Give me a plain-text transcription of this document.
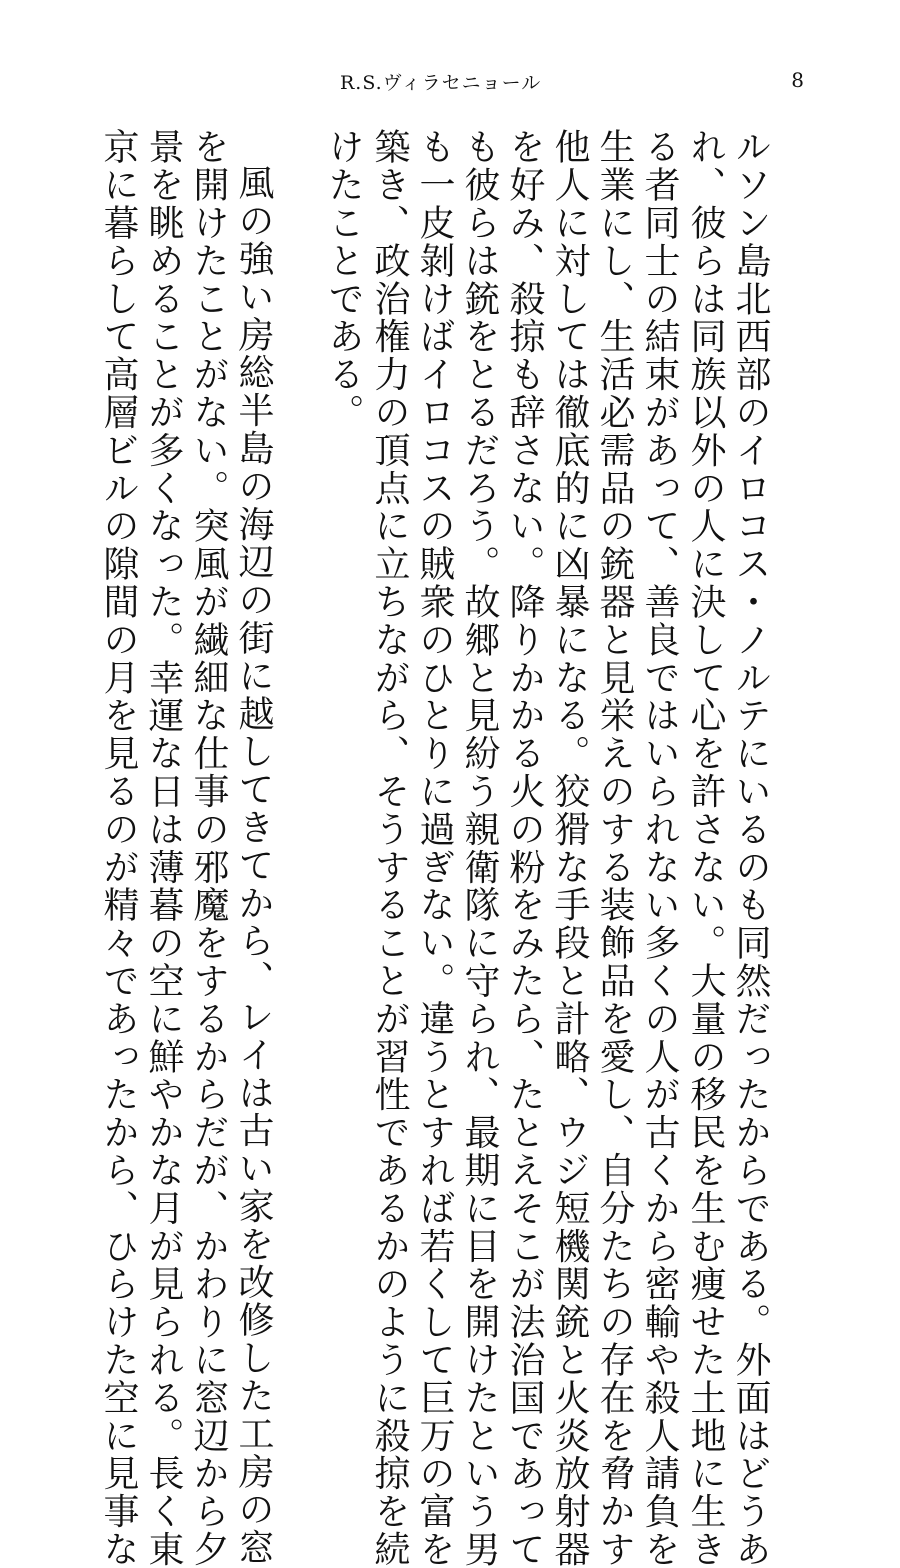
R.S.ヴィラセニョール	8
ルソン島北西部のイロコス・ノルテにいるのも同然だったからである。外面はどうあ
れ、彼らは同族以外の人に決して心を許さない。大量の移民を生む痩せた土地に生き
る者同士の結束があって、善良ではいられない多くの人が古くから密輸や殺人請負を
生業にし、生活必需品の銃器と見栄えのする装飾品を愛し、自分たちの存在を脅かす
他人に対しては徹底的に凶暴になる。狡猾な手段と計略、ウジ短機関銃と火炎放射器
を好み、殺掠も辞さない。降りかかる火の粉をみたら、たとえそこが法治国であって
も彼らは銃をとるだろう。故郷と見紛う親衛隊に守られ、最期に目を開けたという男
も一皮剝けばイロコスの賊衆のひとりに過ぎない。違うとすれば若くして巨万の富を
築き、政治権力の頂点に立ちながら、そうすることが習性であるかのように殺掠を続
けたことである。
風の強い房総半島の海辺の街に越してきてから、レイは古い家を改修した工房の窓
を開けたことがない。突風が繊細な仕事の邪魔をするからだが、かわりに窓辺から夕
景を眺めることが多くなった。幸運な日は薄暮の空に鮮やかな月が見られる。長く東
京に暮らして高層ビルの隙間の月を見るのが精々であったから、ひらけた空に見事な
